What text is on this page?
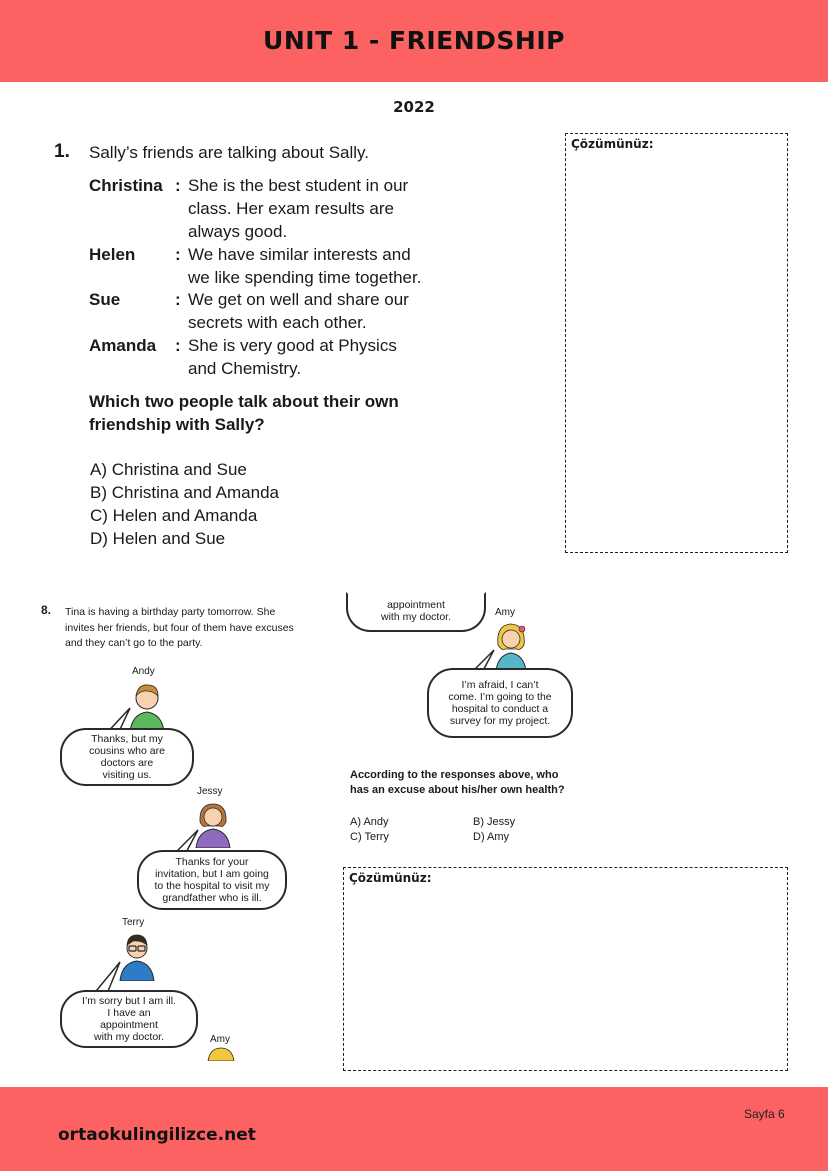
UNIT 1 - FRIENDSHIP
2022
1. Sally’s friends are talking about Sally.
Christina : She is the best student in our
class. Her exam results are
always good.
Helen	: We have similar interests and
we like spending time together.
Sue	: We get on well and share our
secrets with each other.
Amanda	: She is very good at Physics
and Chemistry.
Which two people talk about their own
friendship with Sally?
A) Christina and Sue
B) Christina and Amanda
C) Helen and Amanda
D) Helen and Sue
Çözümünüz:
8. Tina is having a birthday party tomorrow. She invites her friends, but four of them have excuses and they can’t go to the party.
Andy
Thanks, but my
cousins who are
doctors are
visiting us.
Jessy
Thanks for your
invitation, but I am going
to the hospital to visit my
grandfather who is ill.
Terry
I’m sorry but I am ill.
I have an
appointment
with my doctor.	Amy
appointment
with my doctor.	Amy
I’m afraid, I can’t
come. I’m going to the
hospital to conduct a
survey for my project.
According to the responses above, who
has an excuse about his/her own health?
A) Andy	B) Jessy
C) Terry	D) Amy
Çözümünüz:
ortaokulingilizce.net
Sayfa 6
